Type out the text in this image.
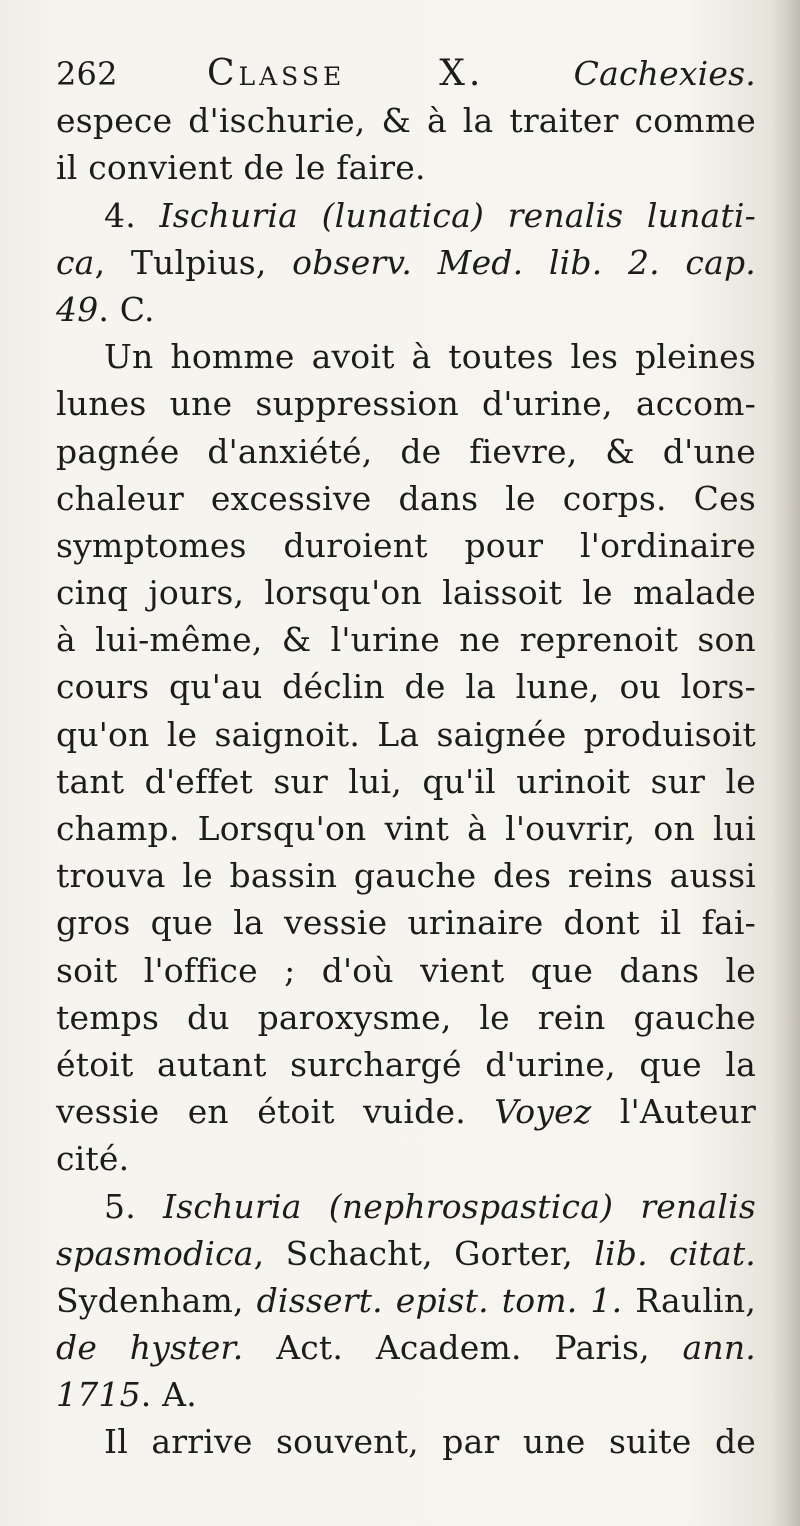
262 Classe X.	Cachexies.
espece d'ischurie, & à la traiter comme
il convient de le faire.
4. Ischuria (lunatica) renalis lunati-
ca, Tulpius, observ. Med. lib. 2. cap.
49. C.
Un homme avoit à toutes les pleines
lunes une suppression d'urine, accom-
pagnée d'anxiété, de fievre, & d'une
chaleur excessive dans le corps. Ces
symptomes duroient pour l'ordinaire
cinq jours, lorsqu'on laissoit le malade
à lui-même, & l'urine ne reprenoit son
cours qu'au déclin de la lune, ou lors-
qu'on le saignoit. La saignée produisoit
tant d'effet sur lui, qu'il urinoit sur le
champ. Lorsqu'on vint à l'ouvrir, on lui
trouva le bassin gauche des reins aussi
gros que la vessie urinaire dont il fai-
soit l'office ; d'où vient que dans le
temps du paroxysme, le rein gauche
étoit autant surchargé d'urine, que la
vessie en étoit vuide. Voyez l'Auteur
cité.
5. Ischuria (nephrospastica) renalis
spasmodica, Schacht, Gorter, lib. citat.
Sydenham, dissert. epist. tom. 1. Raulin,
de hyster. Act. Academ. Paris, ann.
1715. A.
Il arrive souvent, par une suite de
